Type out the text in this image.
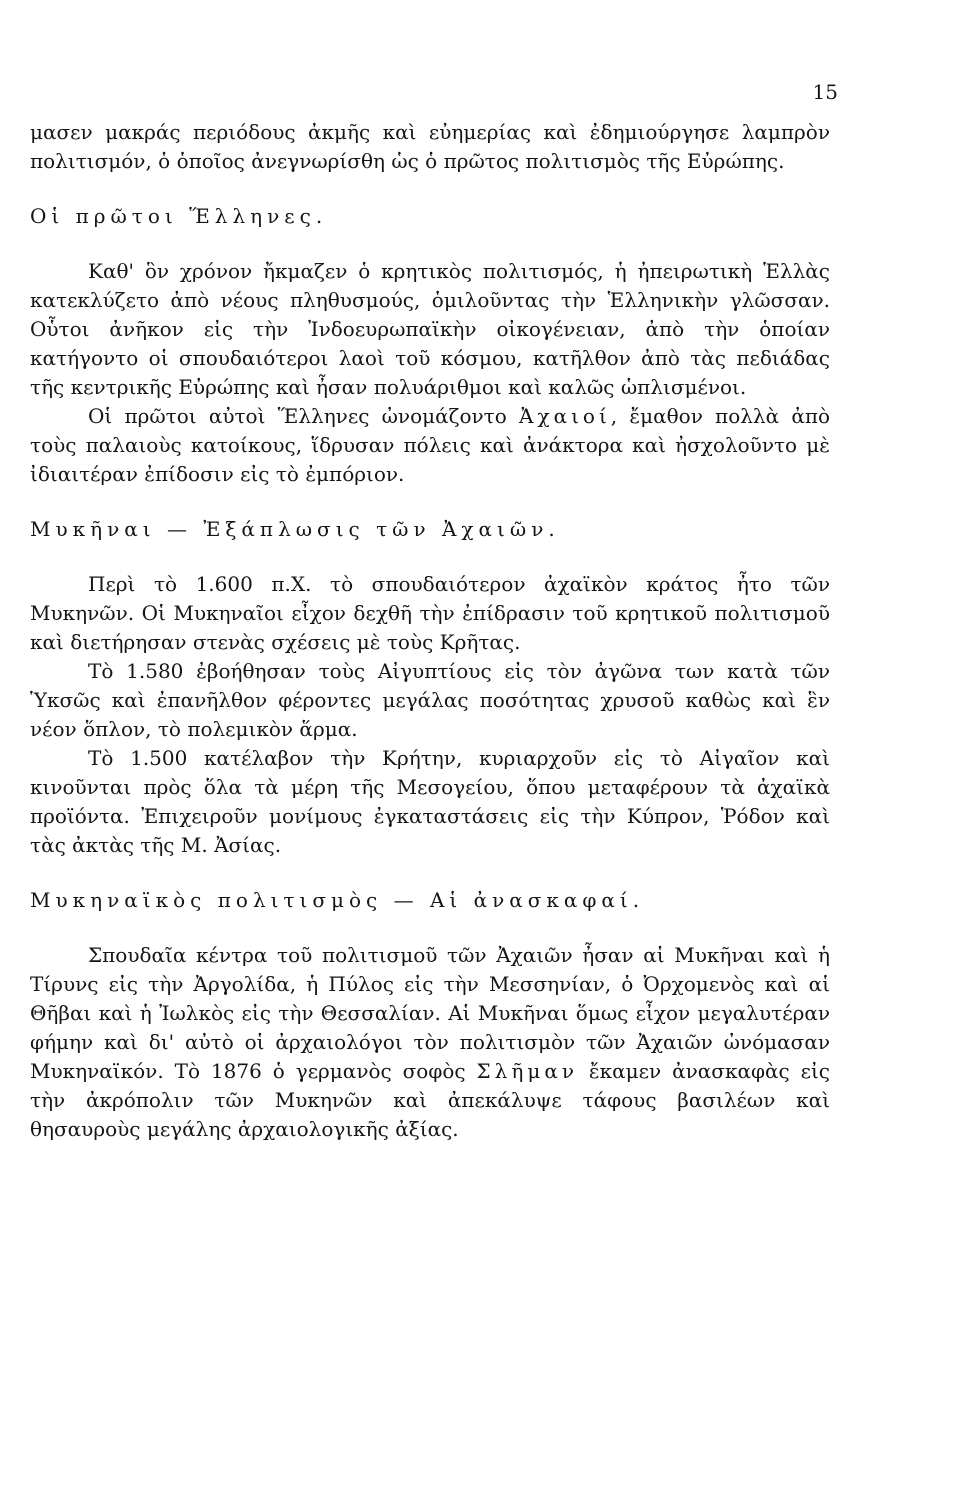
15

μασεν μακράς περιόδους ἀκμῆς καὶ εὐημερίας καὶ ἐδημιούργησε λαμπρὸν πολιτισμόν, ὁ ὁποῖος ἀνεγνωρίσθη ὡς ὁ πρῶτος πολιτισμὸς τῆς Εὐρώπης.

Οἱ πρῶτοι Ἕλληνες.

Καθ' ὃν χρόνον ἤκμαζεν ὁ κρητικὸς πολιτισμός, ἡ ἠπειρωτικὴ Ἑλλὰς κατεκλύζετο ἀπὸ νέους πληθυσμούς, ὁμιλοῦντας τὴν Ἑλληνικὴν γλῶσσαν. Οὗτοι ἀνῆκον εἰς τὴν Ἰνδοευρωπαϊκὴν οἰκογένειαν, ἀπὸ τὴν ὁποίαν κατήγοντο οἱ σπουδαιότεροι λαοὶ τοῦ κόσμου, κατῆλθον ἀπὸ τὰς πεδιάδας τῆς κεντρικῆς Εὐρώπης καὶ ἦσαν πολυάριθμοι καὶ καλῶς ὡπλισμένοι.

Οἱ πρῶτοι αὐτοὶ Ἕλληνες ὠνομάζοντο Ἀχαιοί, ἔμαθον πολλὰ ἀπὸ τοὺς παλαιοὺς κατοίκους, ἵδρυσαν πόλεις καὶ ἀνάκτορα καὶ ἠσχολοῦντο μὲ ἰδιαιτέραν ἐπίδοσιν εἰς τὸ ἐμπόριον.

Μυκῆναι — Ἐξάπλωσις τῶν Ἀχαιῶν.

Περὶ τὸ 1.600 π.Χ. τὸ σπουδαιότερον ἀχαϊκὸν κράτος ἦτο τῶν Μυκηνῶν. Οἱ Μυκηναῖοι εἶχον δεχθῆ τὴν ἐπίδρασιν τοῦ κρητικοῦ πολιτισμοῦ καὶ διετήρησαν στενὰς σχέσεις μὲ τοὺς Κρῆτας.

Τὸ 1.580 ἐβοήθησαν τοὺς Αἰγυπτίους εἰς τὸν ἀγῶνα των κατὰ τῶν Ὑκσῶς καὶ ἐπανῆλθον φέροντες μεγάλας ποσότητας χρυσοῦ καθὼς καὶ ἓν νέον ὅπλον, τὸ πολεμικὸν ἅρμα.

Τὸ 1.500 κατέλαβον τὴν Κρήτην, κυριαρχοῦν εἰς τὸ Αἰγαῖον καὶ κινοῦνται πρὸς ὅλα τὰ μέρη τῆς Μεσογείου, ὅπου μεταφέρουν τὰ ἀχαϊκὰ προϊόντα. Ἐπιχειροῦν μονίμους ἐγκαταστάσεις εἰς τὴν Κύπρον, Ῥόδον καὶ τὰς ἀκτὰς τῆς Μ. Ἀσίας.

Μυκηναϊκὸς πολιτισμὸς — Αἱ ἀνασκαφαί.

Σπουδαῖα κέντρα τοῦ πολιτισμοῦ τῶν Ἀχαιῶν ἦσαν αἱ Μυκῆναι καὶ ἡ Τίρυνς εἰς τὴν Ἀργολίδα, ἡ Πύλος εἰς τὴν Μεσσηνίαν, ὁ Ὀρχομενὸς καὶ αἱ Θῆβαι καὶ ἡ Ἰωλκὸς εἰς τὴν Θεσσαλίαν. Αἱ Μυκῆναι ὅμως εἶχον μεγαλυτέραν φήμην καὶ δι' αὐτὸ οἱ ἀρχαιολόγοι τὸν πολιτισμὸν τῶν Ἀχαιῶν ὠνόμασαν Μυκηναϊκόν. Τὸ 1876 ὁ γερμανὸς σοφὸς Σλῆμαν ἔκαμεν ἀνασκαφὰς εἰς τὴν ἀκρόπολιν τῶν Μυκηνῶν καὶ ἀπεκάλυψε τάφους βασιλέων καὶ θησαυροὺς μεγάλης ἀρχαιολογικῆς ἀξίας.
